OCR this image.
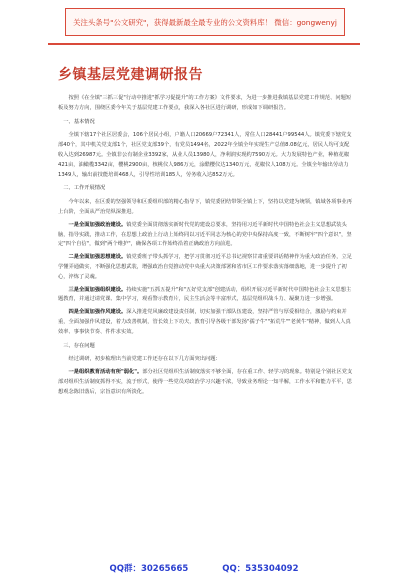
关注头条号"公文研究"，获得最新最全最专业的公文资料库！ 微信：gongwenyj
乡镇基层党建调研报告

按照《在全镇"三抓三促"行动中推进"抓学习促提升"的工作方案》文件要求，为进一步推进我镇基层党建工作规范、问题短板及努力方向，围绕区委今年关于基层党建工作要点，我深入各社区进行调研，形成如下调研报告。

一、基本情况

全镇下辖17个社区居委会，106个居民小组，户籍人口20669户72341人，常住人口28441户99544人。镇党委下辖党支部40个，其中机关党支部1个，社区党支部39个，有党员1494名，2022年全镇全年实现生产总值8.08亿元，居民人均可支配收入达到26987元。全镇非公有制企业3392家，从业人员13980人，净利润实现约7590万元。大力发展特色产业，种植花椒421亩，油橄榄3342亩，樱桃2900亩，核桃仪人986万元，涂酷樱仪达1340万元，花椒仪人108万元。全镇全年输出劳动力1349人，输出前技能培训468人，引导性培训185人，劳务收入达852万元。

二、工作开展情况

今年以来，在区委的坚强领导和区委组织部的精心指导下，镇党委团结带领全镇上下，坚持以党建为统领，镇域各项事业再上台阶，全面从严治党纵深推进。

一是全面加强政治建设。镇党委全面贯彻落实新时代党的建设总要求，坚持用习近平新时代中国特色社会主义思想武装头脑，指导实践，推动工作，在思想上政治上行动上始终同以习近平同志为核心的党中央保持高度一致，不断树牢"四个意识"，坚定"四个自信"，做到"两个维护"，确保各项工作始终沿着正确政治方向前进。

二是全面加强思想建设。镇党委班子带头抓学习，把学习贯彻习近平总书记视察甘肃重要讲话精神作为重大政治任务，立足学懂弄通做实，不断强化思想武装，增强政治自觉推动党中央重大决策部署和省市区工作要求落实落细落地，进一步提升了初心，淬炼了灵魂。

三是全面加强组织建设。持续实施"五抓五提升"和"五好党支部"创建活动，组织开展习近平新时代中国特色社会主义思想主题教育，并通过请党课、集中学习，观看警示教育片，民主生活会等丰富形式，基层党组织战斗力、凝聚力进一步增强。

四是全面加强作风建设。深入推进党风廉政建设责任制，切实加强干部队伍建设，坚持严管与厚爱相结合，激励与约束并重，全面加强作风建设，着力改善机制，管长效上下功夫，教育引导各级干部发扬"孺子牛""拓荒牛""老黄牛"精神，做到人人真效率、事事快节奏、件件求实效。

三、存在问题

经过调研，初步梳理出当前党建工作还存在以下几方面突出问题：

一是组织教育活动有所"弱化"。部分社区党组织生活制度落实不够全面，存在重工作、轻学习的现象。特别是个别社区党支部对组织生活制度抓得不实，流于形式，使得一些党员对政治学习兴趣不浓，导致业务理论一知半解，工作水平和能力平平，思想观念陈旧落后，宗旨意识有所淡化。

QQ群：30265665	QQ：535304092
